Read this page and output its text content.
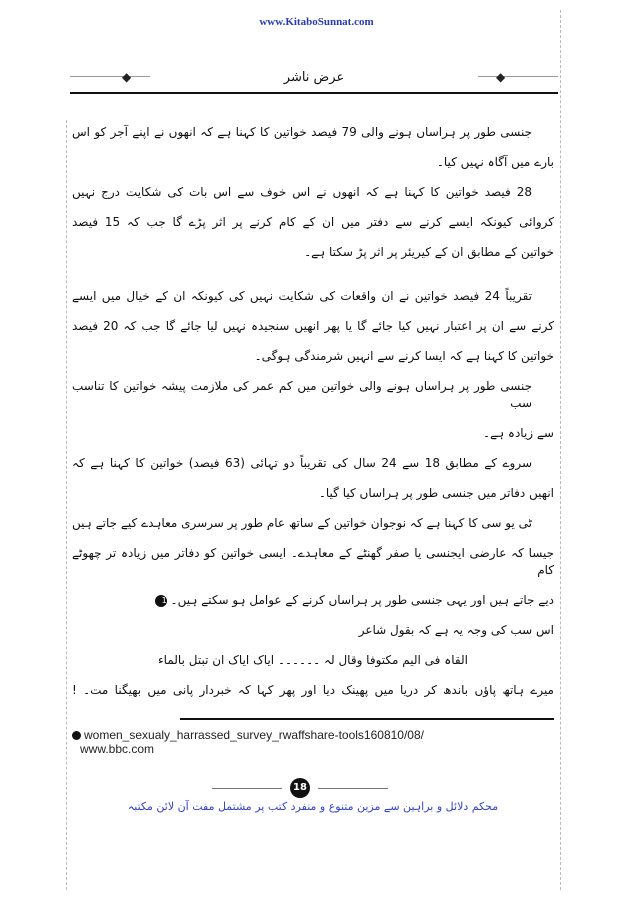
www.KitaboSunnat.com
◆	عرض ناشر	◆
جنسی طور پر ہراساں ہونے والی 79 فیصد خواتین کا کہنا ہے کہ انھوں نے اپنے آجر کو اس
بارے میں آگاہ نہیں کیا۔
28 فیصد خواتین کا کہنا ہے کہ انھوں نے اس خوف سے اس بات کی شکایت درج نہیں
کروائی کیونکہ ایسے کرنے سے دفتر میں ان کے کام کرنے پر اثر پڑے گا جب کہ 15 فیصد
خواتین کے مطابق ان کے کیریئر پر اثر پڑ سکتا ہے۔
تقریباً 24 فیصد خواتین نے ان واقعات کی شکایت نہیں کی کیونکہ ان کے خیال میں ایسے
کرنے سے ان پر اعتبار نہیں کیا جائے گا یا پھر انھیں سنجیدہ نہیں لیا جائے گا جب کہ 20 فیصد
خواتین کا کہنا ہے کہ ایسا کرنے سے انہیں شرمندگی ہوگی۔
جنسی طور پر ہراساں ہونے والی خواتین میں کم عمر کی ملازمت پیشہ خواتین کا تناسب سب
سے زیادہ ہے۔
سروے کے مطابق 18 سے 24 سال کی تقریباً دو تہائی (63 فیصد) خواتین کا کہنا ہے کہ
انھیں دفاتر میں جنسی طور پر ہراساں کیا گیا۔
ٹی یو سی کا کہنا ہے کہ نوجوان خواتین کے ساتھ عام طور پر سرسری معاہدے کیے جاتے ہیں
جیسا کہ عارضی ایجنسی یا صفر گھنٹے کے معاہدے۔ ایسی خواتین کو دفاتر میں زیادہ تر چھوٹے کام
دیے جاتے ہیں اور یہی جنسی طور پر ہراساں کرنے کے عوامل ہو سکتے ہیں۔ 1
اس سب کی وجہ یہ ہے کہ بقول شاعر
القاہ فی الیم مکتوفا وقال لہ ۔۔۔۔۔۔ ایاک ایاک ان تبتل بالماء
میرے ہاتھ پاؤں باندھ کر دریا میں پھینک دیا اور پھر کہا کہ خبردار پانی میں بھیگنا مت۔ !
women_sexualy_harrassed_survey_rwaffshare-tools160810/08/
www.bbc.com
18
محکم دلائل و براہین سے مزین متنوع و منفرد کتب پر مشتمل مفت آن لائن مکتبہ
